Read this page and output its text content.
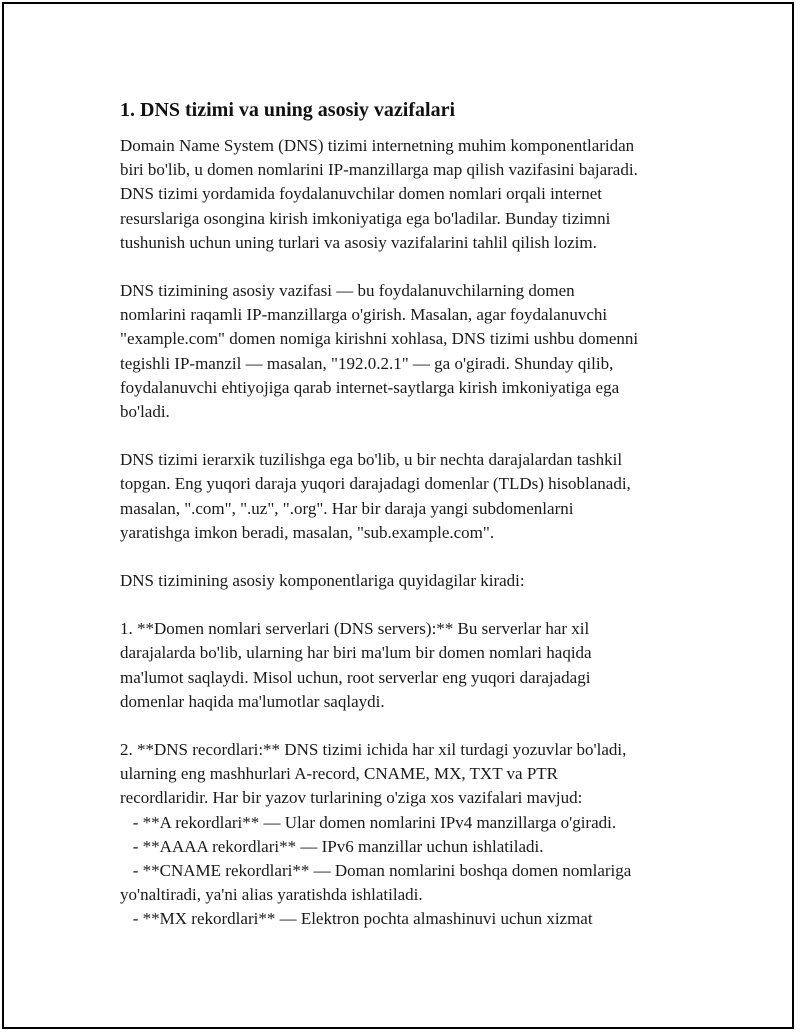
1. DNS tizimi va uning asosiy vazifalari
Domain Name System (DNS) tizimi internetning muhim komponentlaridan
biri bo'lib, u domen nomlarini IP-manzillarga map qilish vazifasini bajaradi.
DNS tizimi yordamida foydalanuvchilar domen nomlari orqali internet
resurslariga osongina kirish imkoniyatiga ega bo'ladilar. Bunday tizimni
tushunish uchun uning turlari va asosiy vazifalarini tahlil qilish lozim.
DNS tizimining asosiy vazifasi — bu foydalanuvchilarning domen
nomlarini raqamli IP-manzillarga o'girish. Masalan, agar foydalanuvchi
"example.com" domen nomiga kirishni xohlasa, DNS tizimi ushbu domenni
tegishli IP-manzil — masalan, "192.0.2.1" — ga o'giradi. Shunday qilib,
foydalanuvchi ehtiyojiga qarab internet-saytlarga kirish imkoniyatiga ega
bo'ladi.
DNS tizimi ierarxik tuzilishga ega bo'lib, u bir nechta darajalardan tashkil
topgan. Eng yuqori daraja yuqori darajadagi domenlar (TLDs) hisoblanadi,
masalan, ".com", ".uz", ".org". Har bir daraja yangi subdomenlarni
yaratishga imkon beradi, masalan, "sub.example.com".
DNS tizimining asosiy komponentlariga quyidagilar kiradi:
1. **Domen nomlari serverlari (DNS servers):** Bu serverlar har xil
darajalarda bo'lib, ularning har biri ma'lum bir domen nomlari haqida
ma'lumot saqlaydi. Misol uchun, root serverlar eng yuqori darajadagi
domenlar haqida ma'lumotlar saqlaydi.
2. **DNS recordlari:** DNS tizimi ichida har xil turdagi yozuvlar bo'ladi,
ularning eng mashhurlari A-record, CNAME, MX, TXT va PTR
recordlaridir. Har bir yazov turlarining o'ziga xos vazifalari mavjud:
- **A rekordlari** — Ular domen nomlarini IPv4 manzillarga o'giradi.
- **AAAA rekordlari** — IPv6 manzillar uchun ishlatiladi.
- **CNAME rekordlari** — Doman nomlarini boshqa domen nomlariga
yo'naltiradi, ya'ni alias yaratishda ishlatiladi.
- **MX rekordlari** — Elektron pochta almashinuvi uchun xizmat
